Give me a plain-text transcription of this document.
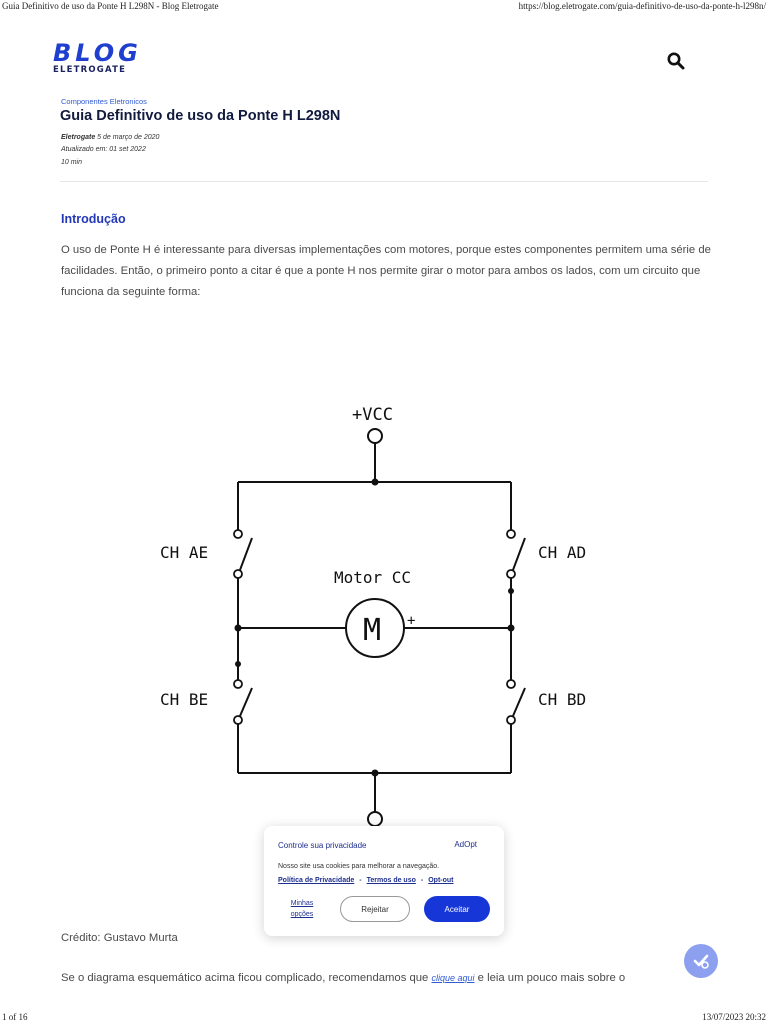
Guia Definitivo de uso da Ponte H L298N - Blog Eletrogate	https://blog.eletrogate.com/guia-definitivo-de-uso-da-ponte-h-l298n/
BLOG
ELETROGATE
Componentes Eletronicos
Guia Definitivo de uso da Ponte H L298N
Eletrogate 5 de março de 2020
Atualizado em: 01 set 2022
10 min
Introdução

O uso de Ponte H é interessante para diversas implementações com motores, porque estes componentes permitem uma série de facilidades. Então, o primeiro ponto a citar é que a ponte H nos permite girar o motor para ambos os lados, com um circuito que funciona da seguinte forma:

+VCC
CH AE	CH AD
CH BE	CH BD
Motor CC
M +
Crédito: Gustavo Murta
Se o diagrama esquemático acima ficou complicado, recomendamos que clique aqui e leia um pouco mais sobre o
Controle sua privacidade	AdOpt
Nosso site usa cookies para melhorar a navegação.
Política de Privacidade - Termos de uso - Opt-out
Minhas opções
Rejeitar	Aceitar
1 of 16	13/07/2023 20:32
